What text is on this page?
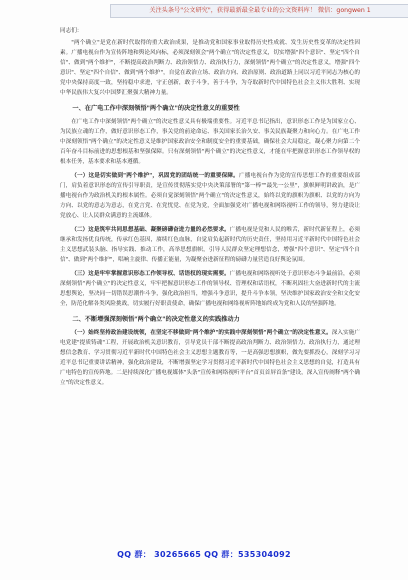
关注头条号"公文研究"，获得最新最全最专业的公文资料库！ 微信：gongwen 1
同志们：

"两个确立"是党在新时代取得的重大政治成果，是推动党和国家事业取得历史性成就、发生历史性变革的决定性因素。广播电视台作为宣传阵地和舆论风向标，必须深刻领会"两个确立"的决定性意义，切实增强"四个意识"、坚定"四个自信"、做到"两个维护"，不断提高政治判断力、政治领悟力、政治执行力，深刻领悟"两个确立"的决定性意义，增强"四个意识"、坚定"四个自信"、做到"两个维护"，自觉在政治立场、政治方向、政治原则、政治道路上同以习近平同志为核心的党中央保持高度一致，坚持稳中求进，守正创新，敢于斗争，善于斗争，为夺取新时代中国特色社会主义伟大胜利、实现中华民族伟大复兴中国梦汇聚强大精神力量。

一、在广电工作中深刻领悟"两个确立"的决定性意义的重要性

在广电工作中深刻领悟"两个确立"的决定性意义具有极端重要性。习近平总书记指出，意识形态工作是为国家立心、为民族立魂的工作，做好意识形态工作，事关党的前途命运、事关国家长治久安、事关民族凝聚力和向心力。在广电工作中深刻领悟"两个确立"的决定性意义是维护国家政治安全和制度安全的重要基础，确保社会大局稳定，凝心聚力向第二个百年奋斗目标前进的思想根基和坚强保障。只有深刻领悟"两个确立"的决定性意义，才能在牢把握意识形态工作领导权的根本任务，基本要求和基本遵循。

（一）这是切实做到"两个维护"，巩固党的团结统一的重要保障。广播电视台作为党的宣传思想工作的重要组成部门，肩负着意识形态的宣传引导职责，是宣传贯彻落实党中央决策部署的"第一棒""最先一公里"，旗帜鲜明讲政治，是广播电视台作为政治机关的根本属性。必须自觉深刻领悟"两个确立"的决定性意义，始终以党的旗帜为旗帜、以党的方向为方向、以党的意志为意志，在党言党、在党忧党、在党为党，全面加强党对广播电视和网络视听工作的领导，努力建设让党放心、让人民群众满意的主流媒体。

（二）这是筑牢共同思想基础、凝聚磅礴奋进力量的必然要求。广播电视是党和人民的喉舌，新时代新征程上，必须继承和发扬优良传统，传承红色基因，赓续红色血脉，自觉肩负起新时代的历史责任，坚持用习近平新时代中国特色社会主义思想武装头脑、指导实践、推动工作，高举思想旗帜，引导人民群众坚定理想信念，增强"四个意识"、坚定"四个自信"、做到"两个维护"，唱响主旋律、传播正能量，为凝聚奋进新征程的磅礴力量营造良好舆论氛围。

（三）这是牢牢掌握意识形态工作领导权、话语权的现实需要。广播电视和网络视听处于意识形态斗争最前沿，必须深刻领悟"两个确立"的决定性意义，牢牢把握意识形态工作的领导权、管理权和话语权，不断巩固壮大奋进新时代的主流思想舆论，坚决同一切错误思潮作斗争，强化政治担当，增强斗争意识，提升斗争本领，坚决维护国家政治安全和文化安全，防范化解各类风险挑战，切实履行好职责使命，确保广播电视和网络视听阵地始终成为党和人民的坚强阵地。

二、不断增强深刻领悟"两个确立"的决定性意义的实践推动力

（一）始终坚持政治建设统领，在坚定不移做到"两个维护"的实践中深刻领悟"两个确立"的决定性意义。深入实施广电党建"提质铸魂"工程，开展政治机关意识教育，引导党员干部不断提高政治判断力、政治领悟力、政治执行力，通过理想信念教育、学习贯彻习近平新时代中国特色社会主义思想主题教育等，一是高强思想旗帜，做先要抓投心，深刻学习习近平总书记重要讲话精神，强化政治建设，不断增强坚定学习贯彻习近平新时代中国特色社会主义思想的自觉，打造具有广电特色的宣传阵地。二是持续深化广播电视媒体"头条"宣传和网络视听平台"首页首屏首条"建设，深入宣传阐释"两个确立"的决定性意义。

QQ 群： 30265665 QQ 群：535304092
